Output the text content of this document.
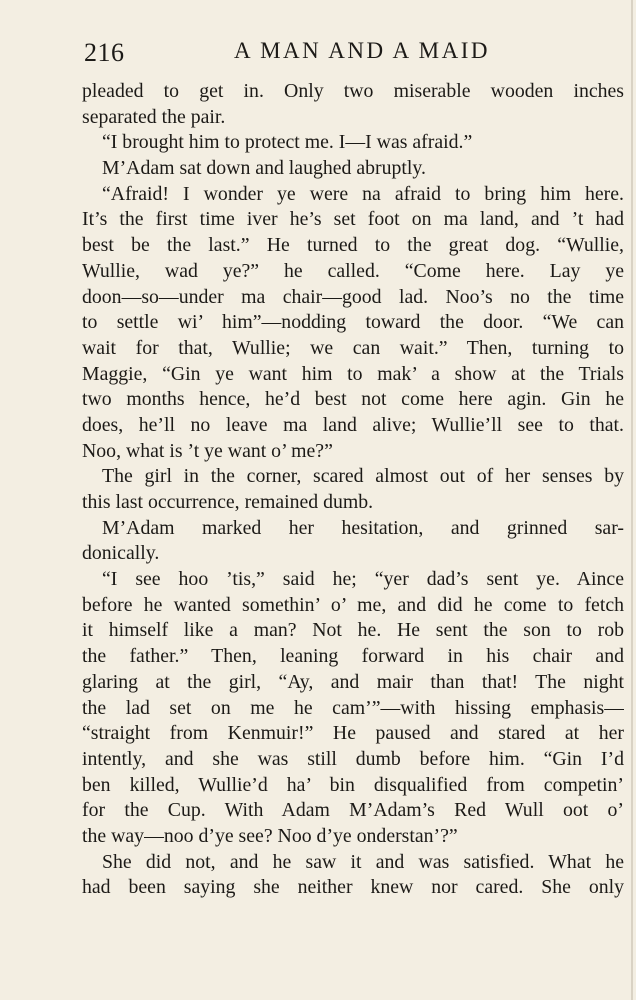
216	A MAN AND A MAID
pleaded to get in. Only two miserable wooden inches
separated the pair.
“I brought him to protect me. I—I was afraid.”
M’Adam sat down and laughed abruptly.
“Afraid! I wonder ye were na afraid to bring him here.
It’s the first time iver he’s set foot on ma land, and ’t had
best be the last.” He turned to the great dog. “Wullie,
Wullie, wad ye?” he called. “Come here. Lay ye
doon—so—under ma chair—good lad. Noo’s no the time
to settle wi’ him”—nodding toward the door. “We can
wait for that, Wullie; we can wait.” Then, turning to
Maggie, “Gin ye want him to mak’ a show at the Trials
two months hence, he’d best not come here agin. Gin he
does, he’ll no leave ma land alive; Wullie’ll see to that.
Noo, what is ’t ye want o’ me?”
The girl in the corner, scared almost out of her senses by
this last occurrence, remained dumb.
M’Adam marked her hesitation, and grinned sar-
donically.
“I see hoo ’tis,” said he; “yer dad’s sent ye. Aince
before he wanted somethin’ o’ me, and did he come to fetch
it himself like a man? Not he. He sent the son to rob
the father.” Then, leaning forward in his chair and
glaring at the girl, “Ay, and mair than that! The night
the lad set on me he cam’”—with hissing emphasis—
“straight from Kenmuir!” He paused and stared at her
intently, and she was still dumb before him. “Gin I’d
ben killed, Wullie’d ha’ bin disqualified from competin’
for the Cup. With Adam M’Adam’s Red Wull oot o’
the way—noo d’ye see? Noo d’ye onderstan’?”
She did not, and he saw it and was satisfied. What he
had been saying she neither knew nor cared. She only
